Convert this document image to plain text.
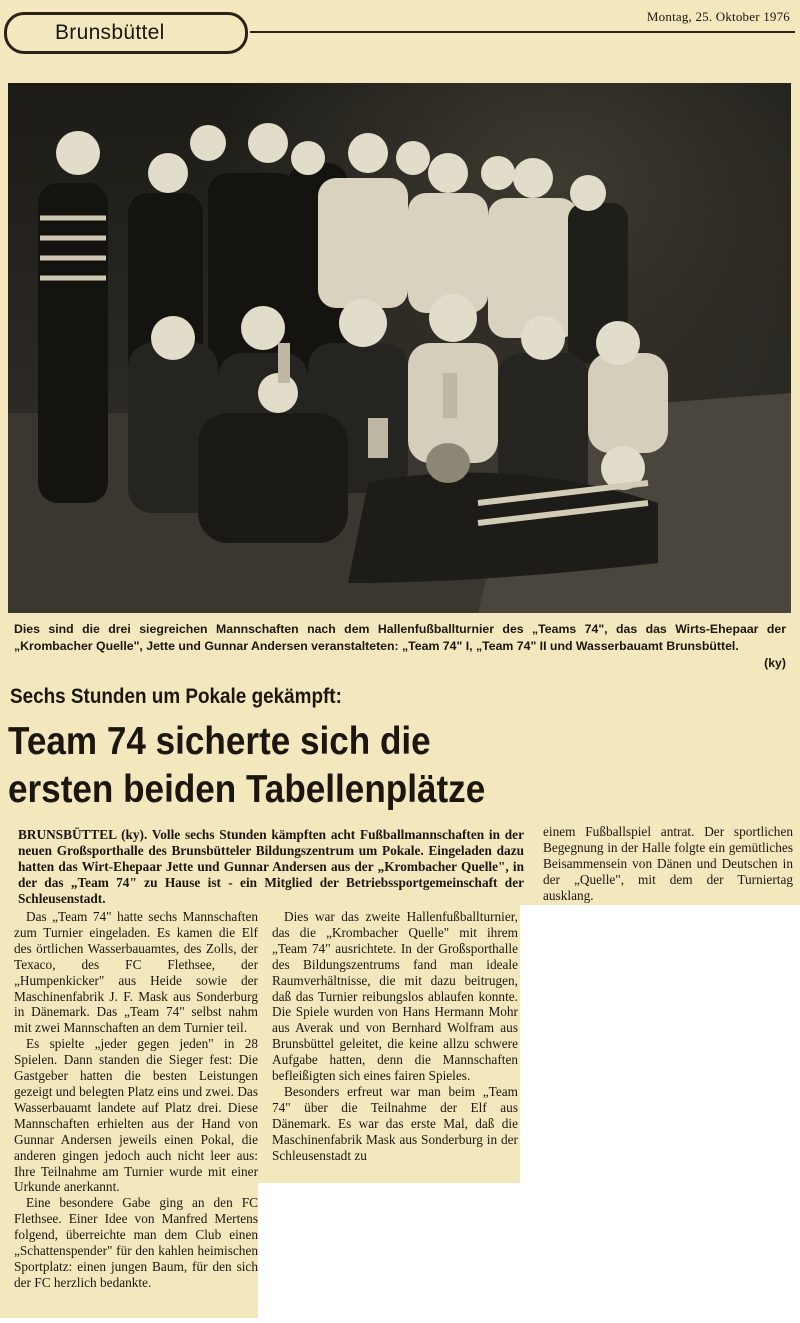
Brunsbüttel
Montag, 25. Oktober 1976
Dies sind die drei siegreichen Mannschaften nach dem Hallenfußballturnier des „Teams 74", das das Wirts-Ehepaar der „Krombacher Quelle", Jette und Gunnar Andersen veranstalteten: „Team 74" I, „Team 74" II und Wasserbauamt Brunsbüttel.
(ky)
Sechs Stunden um Pokale gekämpft:
Team 74 sicherte sich die
ersten beiden Tabellenplätze

BRUNSBÜTTEL (ky). Volle sechs Stunden kämpften acht Fußballmannschaften in der neuen Großsporthalle des Brunsbütteler Bildungszentrum um Pokale. Eingeladen dazu hatten das Wirt-Ehepaar Jette und Gunnar Andersen aus der „Krombacher Quelle", in der das „Team 74" zu Hause ist - ein Mitglied der Betriebssportgemeinschaft der Schleusenstadt.

Das „Team 74" hatte sechs Mannschaften zum Turnier eingeladen. Es kamen die Elf des örtlichen Wasserbauamtes, des Zolls, der Texaco, des FC Flethsee, der „Humpenkicker" aus Heide sowie der Maschinenfabrik J. F. Mask aus Sonderburg in Dänemark. Das „Team 74" selbst nahm mit zwei Mannschaften an dem Turnier teil.

Es spielte „jeder gegen jeden" in 28 Spielen. Dann standen die Sieger fest: Die Gastgeber hatten die besten Leistungen gezeigt und belegten Platz eins und zwei. Das Wasserbauamt landete auf Platz drei. Diese Mannschaften erhielten aus der Hand von Gunnar Andersen jeweils einen Pokal, die anderen gingen jedoch auch nicht leer aus: Ihre Teilnahme am Turnier wurde mit einer Urkunde anerkannt.

Eine besondere Gabe ging an den FC Flethsee. Einer Idee von Manfred Mertens folgend, überreichte man dem Club einen „Schattenspender" für den kahlen heimischen Sportplatz: einen jungen Baum, für den sich der FC herzlich bedankte.

Dies war das zweite Hallenfußballturnier, das die „Krombacher Quelle" mit ihrem „Team 74" ausrichtete. In der Großsporthalle des Bildungszentrums fand man ideale Raumverhältnisse, die mit dazu beitrugen, daß das Turnier reibungslos ablaufen konnte. Die Spiele wurden von Hans Hermann Mohr aus Averak und von Bernhard Wolfram aus Brunsbüttel geleitet, die keine allzu schwere Aufgabe hatten, denn die Mannschaften befleißigten sich eines fairen Spieles.

Besonders erfreut war man beim „Team 74" über die Teilnahme der Elf aus Dänemark. Es war das erste Mal, daß die Maschinenfabrik Mask aus Sonderburg in der Schleusenstadt zu

einem Fußballspiel antrat. Der sportlichen Begegnung in der Halle folgte ein gemütliches Beisammensein von Dänen und Deutschen in der „Quelle", mit dem der Turniertag ausklang.
